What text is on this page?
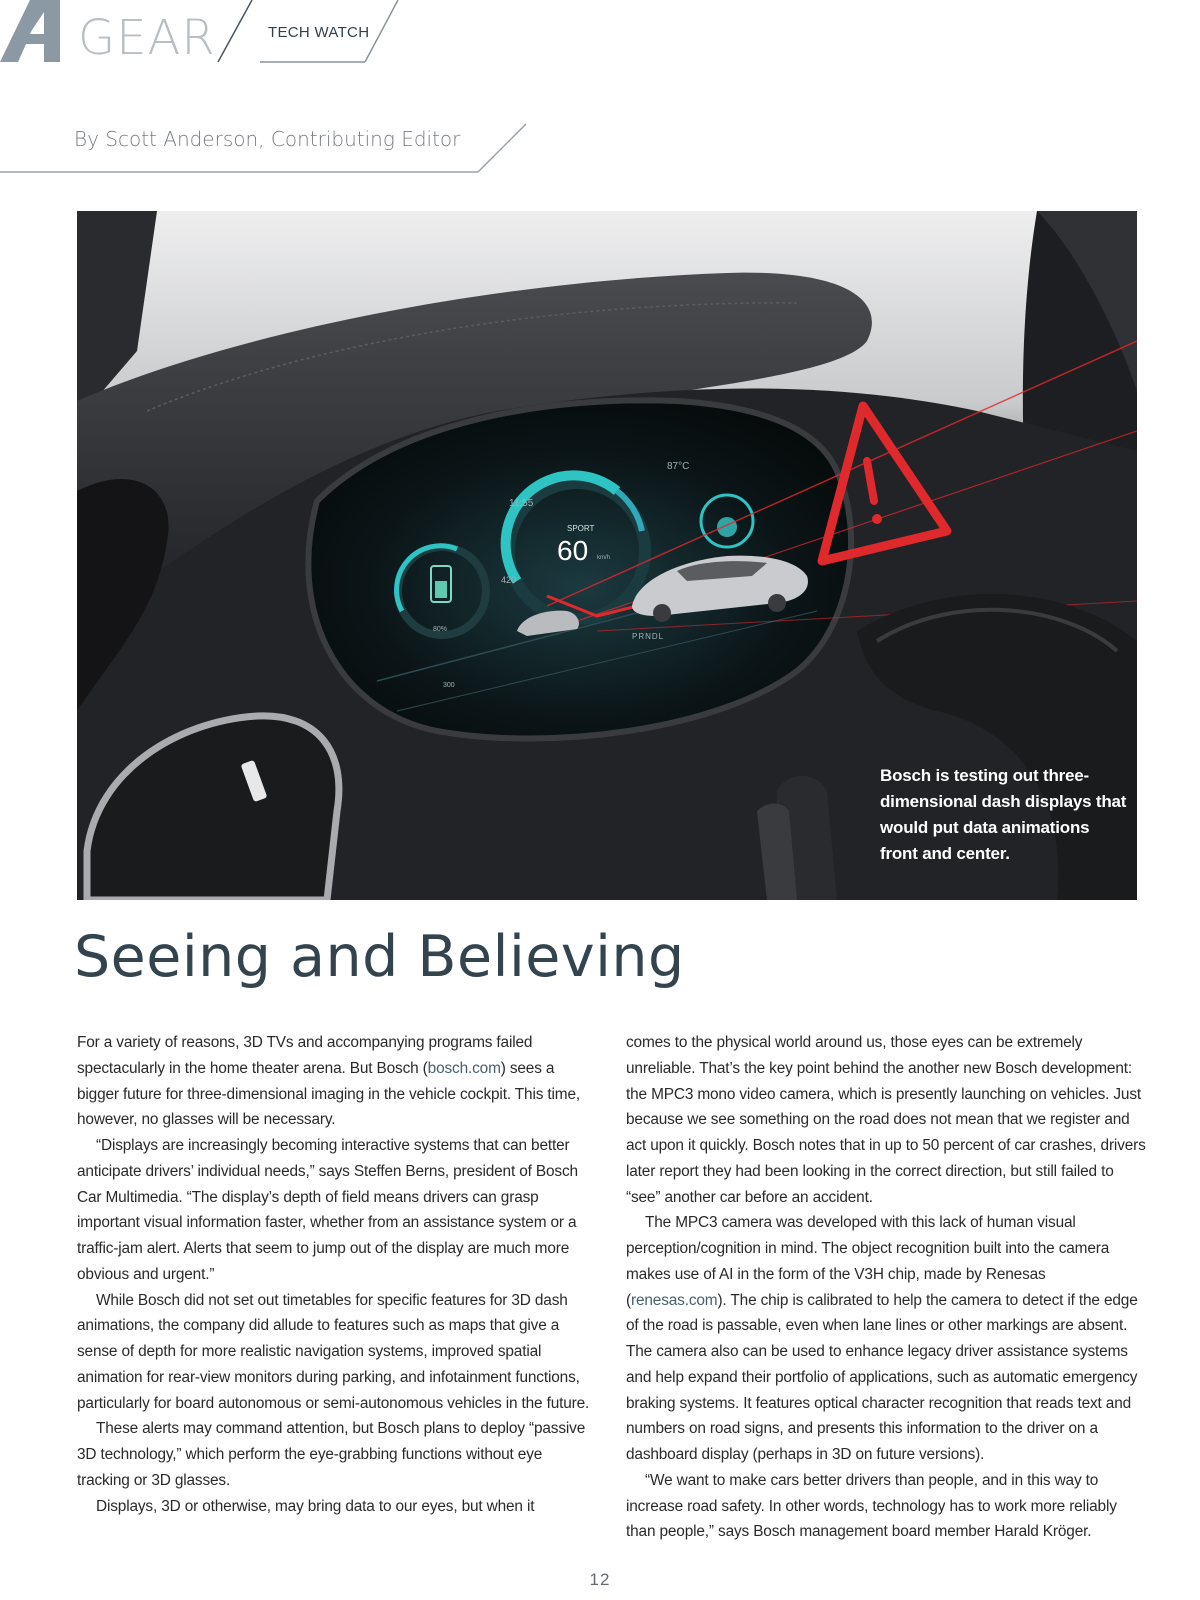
GEAR	TECH WATCH
By Scott Anderson, Contributing Editor
11:55
87°C
60
SPORT
km/h
420
80%
300
PRNDL
Bosch is testing out three-dimensional dash displays that would put data animations front and center.
Seeing and Believing

For a variety of reasons, 3D TVs and accompanying programs failed spectacularly in the home theater arena. But Bosch (bosch.com) sees a bigger future for three-dimensional imaging in the vehicle cockpit. This time, however, no glasses will be necessary.

“Displays are increasingly becoming interactive systems that can better anticipate drivers’ individual needs,” says Steffen Berns, president of Bosch Car Multimedia. “The display’s depth of field means drivers can grasp important visual information faster, whether from an assistance system or a traffic-jam alert. Alerts that seem to jump out of the display are much more obvious and urgent.”

While Bosch did not set out timetables for specific features for 3D dash animations, the company did allude to features such as maps that give a sense of depth for more realistic navigation systems, improved spatial animation for rear-view monitors during parking, and infotainment functions, particularly for board autonomous or semi-autonomous vehicles in the future.

These alerts may command attention, but Bosch plans to deploy “passive 3D technology,” which perform the eye-grabbing functions without eye tracking or 3D glasses.

Displays, 3D or otherwise, may bring data to our eyes, but when it

comes to the physical world around us, those eyes can be extremely unreliable. That’s the key point behind the another new Bosch development: the MPC3 mono video camera, which is presently launching on vehicles. Just because we see something on the road does not mean that we register and act upon it quickly. Bosch notes that in up to 50 percent of car crashes, drivers later report they had been looking in the correct direction, but still failed to “see” another car before an accident.

The MPC3 camera was developed with this lack of human visual perception/cognition in mind. The object recognition built into the camera makes use of AI in the form of the V3H chip, made by Renesas (renesas.com). The chip is calibrated to help the camera to detect if the edge of the road is passable, even when lane lines or other markings are absent. The camera also can be used to enhance legacy driver assistance systems and help expand their portfolio of applications, such as automatic emergency braking systems. It features optical character recognition that reads text and numbers on road signs, and presents this information to the driver on a dashboard display (perhaps in 3D on future versions).

“We want to make cars better drivers than people, and in this way to increase road safety. In other words, technology has to work more reliably than people,” says Bosch management board member Harald Kröger.

12
